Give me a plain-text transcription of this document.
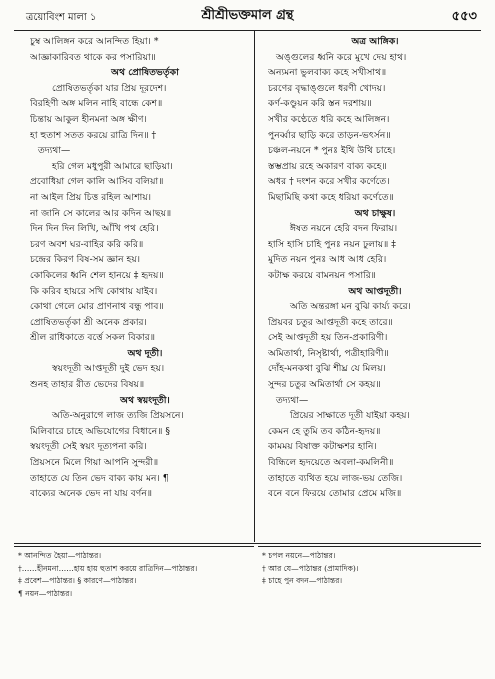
ত্রয়োবিংশ মালা ১	শ্রীশ্রীভক্তমাল গ্রন্থ	৫৫৩
চুম্ব আলিঙ্গন করে আনন্দিত হিয়া। *
আজ্ঞাকারিবত থাকে কর পসারিয়া॥
অথ প্রোষিতভর্তৃকা
প্রোষিতভর্তৃকা যার প্রিয় দূরদেশ।
বিরহিণী অঙ্গ মলিন নাহি বান্ধে কেশ॥
চিন্তায় আকুল হীনমনা অঙ্গ ক্ষীণ।
হা হুতাশ সতত করয়ে রাত্রি দিন॥ †
তদ্যথা—
হরি গেল মধুপুরী আমারে ছাড়িয়া।
প্রবোধিয়া গেল কালি আসিব বলিয়া॥
না আইল প্রিয় চিত্ত রহিল আশায়।
না জানি সে কালের আর কদিন আছয়॥
দিন দিন দিন লিখি, আঁখি পথ হেরি।
চরণ অবশ ঘর-বাহির করি করি॥
চন্দ্রের কিরণ বিষ-সম জ্ঞান হয়।
কোকিলের ধ্বনি শেল হানয়ে ‡ হৃদয়॥
কি করিব হায়রে সখি কোথায় যাইব।
কোথা গেলে মোর প্রাণনাথ বন্ধু পাব॥
প্রোষিতভর্তৃকা শ্রী অনেক প্রকার।
শ্রীল রাধিকাতে বর্ত্তে সকল বিকার॥
অথ দূতী।
স্বয়ংদূতী আপ্তদূতী দুই ভেদ হয়।
শুনহ তাহার রীত ভেদের বিষয়॥
অথ স্বয়ংদূতী।
অতি-অনুরাগে লাজ ত্যজি প্রিয়সনে।
মিলিবারে চাহে অভিযোগের বিধানে॥ §
স্বয়ংদূতী সেই স্বয়ং দূত্যপনা করি।
প্রিয়সনে মিলে গিয়া আপনি সুন্দরী॥
তাহাতে যে তিন ভেদ বাক্য কায় মন। ¶
বাক্যের অনেক ভেদ না যায় বর্ণন॥
অত্র আঙ্গিক।
অঙ্গুলের ধ্বনি করে মুখে দেয় হাথ।
অন্যমনা ভুলবাক্য কহে সখীসাথ॥
চরণের বৃদ্ধাঙ্গুলে ধরণী খোদয়।
কর্ণ-কণ্ডুয়ন করি স্তন দরশায়॥
সখীর কণ্ঠেতে ধরি কহে আলিঙ্গন।
পুনর্ব্বার ছাড়ি করে তাড়ন-ভৎর্সন॥
চঞ্চল-নয়নে * পুনঃ ইথি উথি চাহে।
স্তম্ভপ্রায় রহে অকারণ বাক্য কহে॥
অধর † দংশন করে সখীর কর্ণেতে।
মিছামিছি কথা কহে ধরিয়া কর্ণেতে॥
অথ চাক্ষুষ।
ঈষত নয়নে হেরি বদন ফিরায়।
হাসি হাসি চাহি পুনঃ নয়ন ঢুলায়॥ ‡
মুদিত নয়ন পুনঃ আধ আধ হেরি।
কটাক্ষ করয়ে বামনয়ন পসারি॥
অথ আপ্তদূতী।
অতি অন্তরঙ্গা মন বুঝি কার্য্য করে।
প্রিয়বর চতুর আপ্তদূতী কহে তারে॥
সেই আপ্তদূতী হয় তিন-প্রকারিণী।
অমিতার্থা, নিসৃষ্টার্থা, পত্রীহারিণী॥
দোঁহ-মনকথা বুঝি শীঘ্র যে মিলয়।
সুন্দর চতুর অমিতার্থা সে কহয়॥
তদ্যথা—
প্রিয়ের সাক্ষাতে দূতী যাইয়া কহয়।
কেমন হে তুমি তব কঠিন-হৃদয়॥
কামময় বিষাক্ত কটাক্ষশর হানি।
বিন্ধিলে হৃদয়েতে অবলা-কমলিনী॥
তাহাতে ব্যথিত হয়ে লাজ-ভয় তেজি।
বনে বনে ফিরয়ে তোমার প্রেমে মজি॥
* আনন্দিত হৈয়া—পাঠান্তর।
†……হীনমনা……হায় হায় হুতাশ করয়ে রাত্রিদিন—পাঠান্তর।
‡ প্রবেশ—পাঠান্তর। § কারণে—পাঠান্তর।
¶ নয়ন—পাঠান্তর।
* চপল নয়নে—পাঠান্তর।
† আর যে—পাঠান্তর (প্রামাদিক)।
‡ চাহে পুন বদন—পাঠান্তর।
